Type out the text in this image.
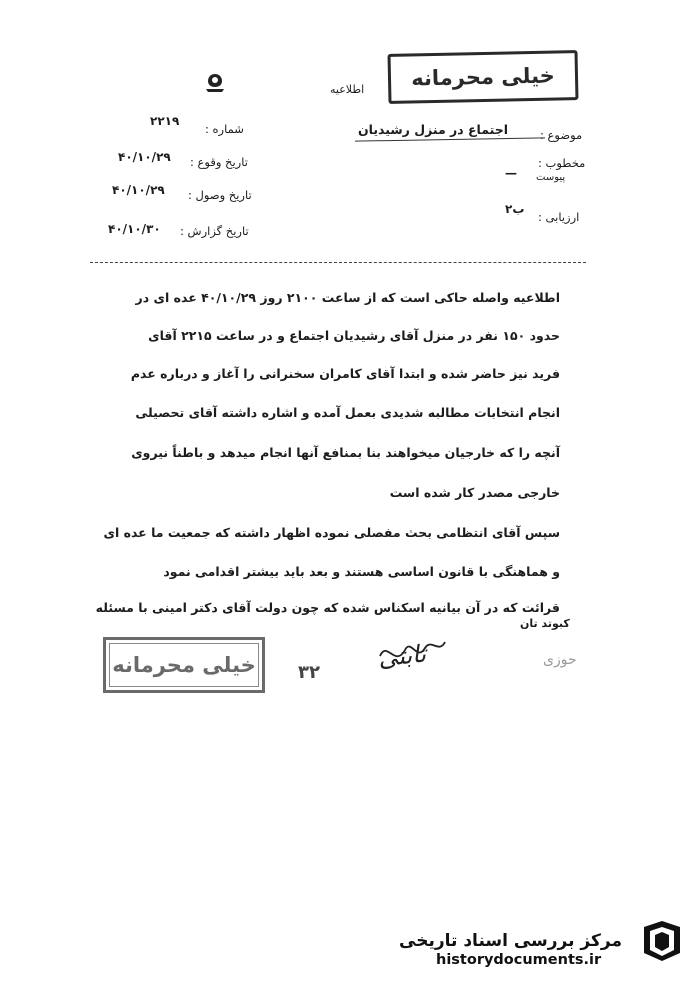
خیلی محرمانه
اطلاعیه
شماره :
۲۲۱۹
تاریخ وقوع :
۴۰/۱۰/۲۹
تاریخ وصول :
۴۰/۱۰/۲۹
تاریخ گزارش :
۴۰/۱۰/۳۰
موضوع :
اجتماع در منزل رشیدیان
مخطوب :
پیوست
—
ارزیابی :
ب۲
اطلاعیه واصله حاکی است که از ساعت ۲۱۰۰ روز ۴۰/۱۰/۲۹ عده ای در
حدود ۱۵۰ نفر در منزل آقای رشیدیان اجتماع و در ساعت ۲۲۱۵ آقای
فرید نیز حاضر شده و ابتدا آقای کامران سخنرانی را آغاز و درباره عدم
انجام انتخابات مطالبه شدیدی بعمل آمده و اشاره داشته آقای تحصیلی
آنچه را که خارجیان میخواهند بنا بمنافع آنها انجام میدهد و باطناً نیروی
خارجی مصدر کار شده است
سپس آقای انتظامی بحث مفصلی نموده اظهار داشته که جمعیت ما عده ای
و هماهنگی با قانون اساسی هستند و بعد باید بیشتر اقدامی نمود
قرائت که در آن بیانیه اسکناس شده که چون دولت آقای دکتر امینی با مسئله
کبوتد تان
خیلی محرمانه ۳۲
ثابتی	حوزی
مرکز بررسی اسناد تاریخی
historydocuments.ir
